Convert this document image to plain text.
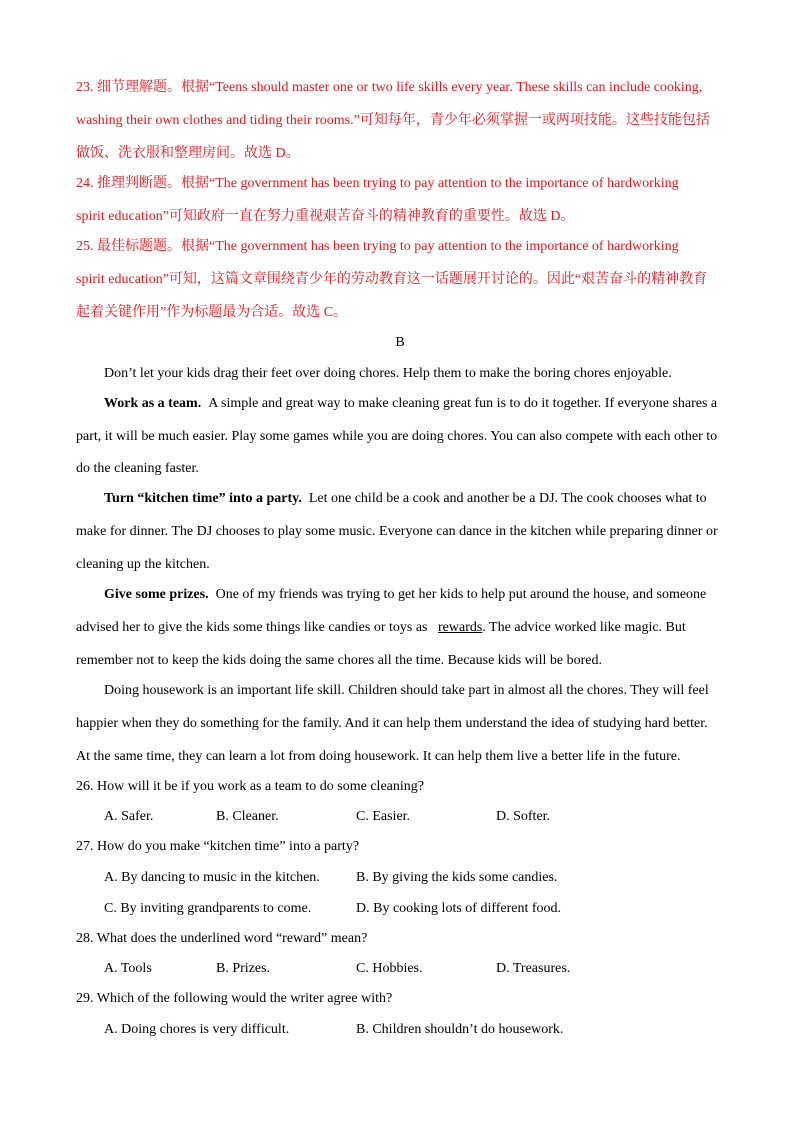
23. 细节理解题。根据“Teens should master one or two life skills every year. These skills can include cooking,
washing their own clothes and tiding their rooms.”可知每年，青少年必须掌握一或两项技能。这些技能包括
做饭、洗衣服和整理房间。故选 D。
24. 推理判断题。根据“The government has been trying to pay attention to the importance of hardworking
spirit education”可知政府一直在努力重视艰苦奋斗的精神教育的重要性。故选 D。
25. 最佳标题题。根据“The government has been trying to pay attention to the importance of hardworking
spirit education”可知，这篇文章围绕青少年的劳动教育这一话题展开讨论的。因此“艰苦奋斗的精神教育
起着关键作用”作为标题最为合适。故选 C。
B
Don’t let your kids drag their feet over doing chores. Help them to make the boring chores enjoyable.
Work as a team. A simple and great way to make cleaning great fun is to do it together. If everyone shares a
part, it will be much easier. Play some games while you are doing chores. You can also compete with each other to
do the cleaning faster.
Turn “kitchen time” into a party. Let one child be a cook and another be a DJ. The cook chooses what to
make for dinner. The DJ chooses to play some music. Everyone can dance in the kitchen while preparing dinner or
cleaning up the kitchen.
Give some prizes. One of my friends was trying to get her kids to help put around the house, and someone
advised her to give the kids some things like candies or toys as rewards. The advice worked like magic. But
remember not to keep the kids doing the same chores all the time. Because kids will be bored.
Doing housework is an important life skill. Children should take part in almost all the chores. They will feel
happier when they do something for the family. And it can help them understand the idea of studying hard better.
At the same time, they can learn a lot from doing housework. It can help them live a better life in the future.
26. How will it be if you work as a team to do some cleaning?
A. Safer.	B. Cleaner.	C. Easier.	D. Softer.
27. How do you make “kitchen time” into a party?
A. By dancing to music in the kitchen.	B. By giving the kids some candies.
C. By inviting grandparents to come.	D. By cooking lots of different food.
28. What does the underlined word “reward” mean?
A. Tools	B. Prizes.	C. Hobbies.	D. Treasures.
29. Which of the following would the writer agree with?
A. Doing chores is very difficult.	B. Children shouldn’t do housework.
